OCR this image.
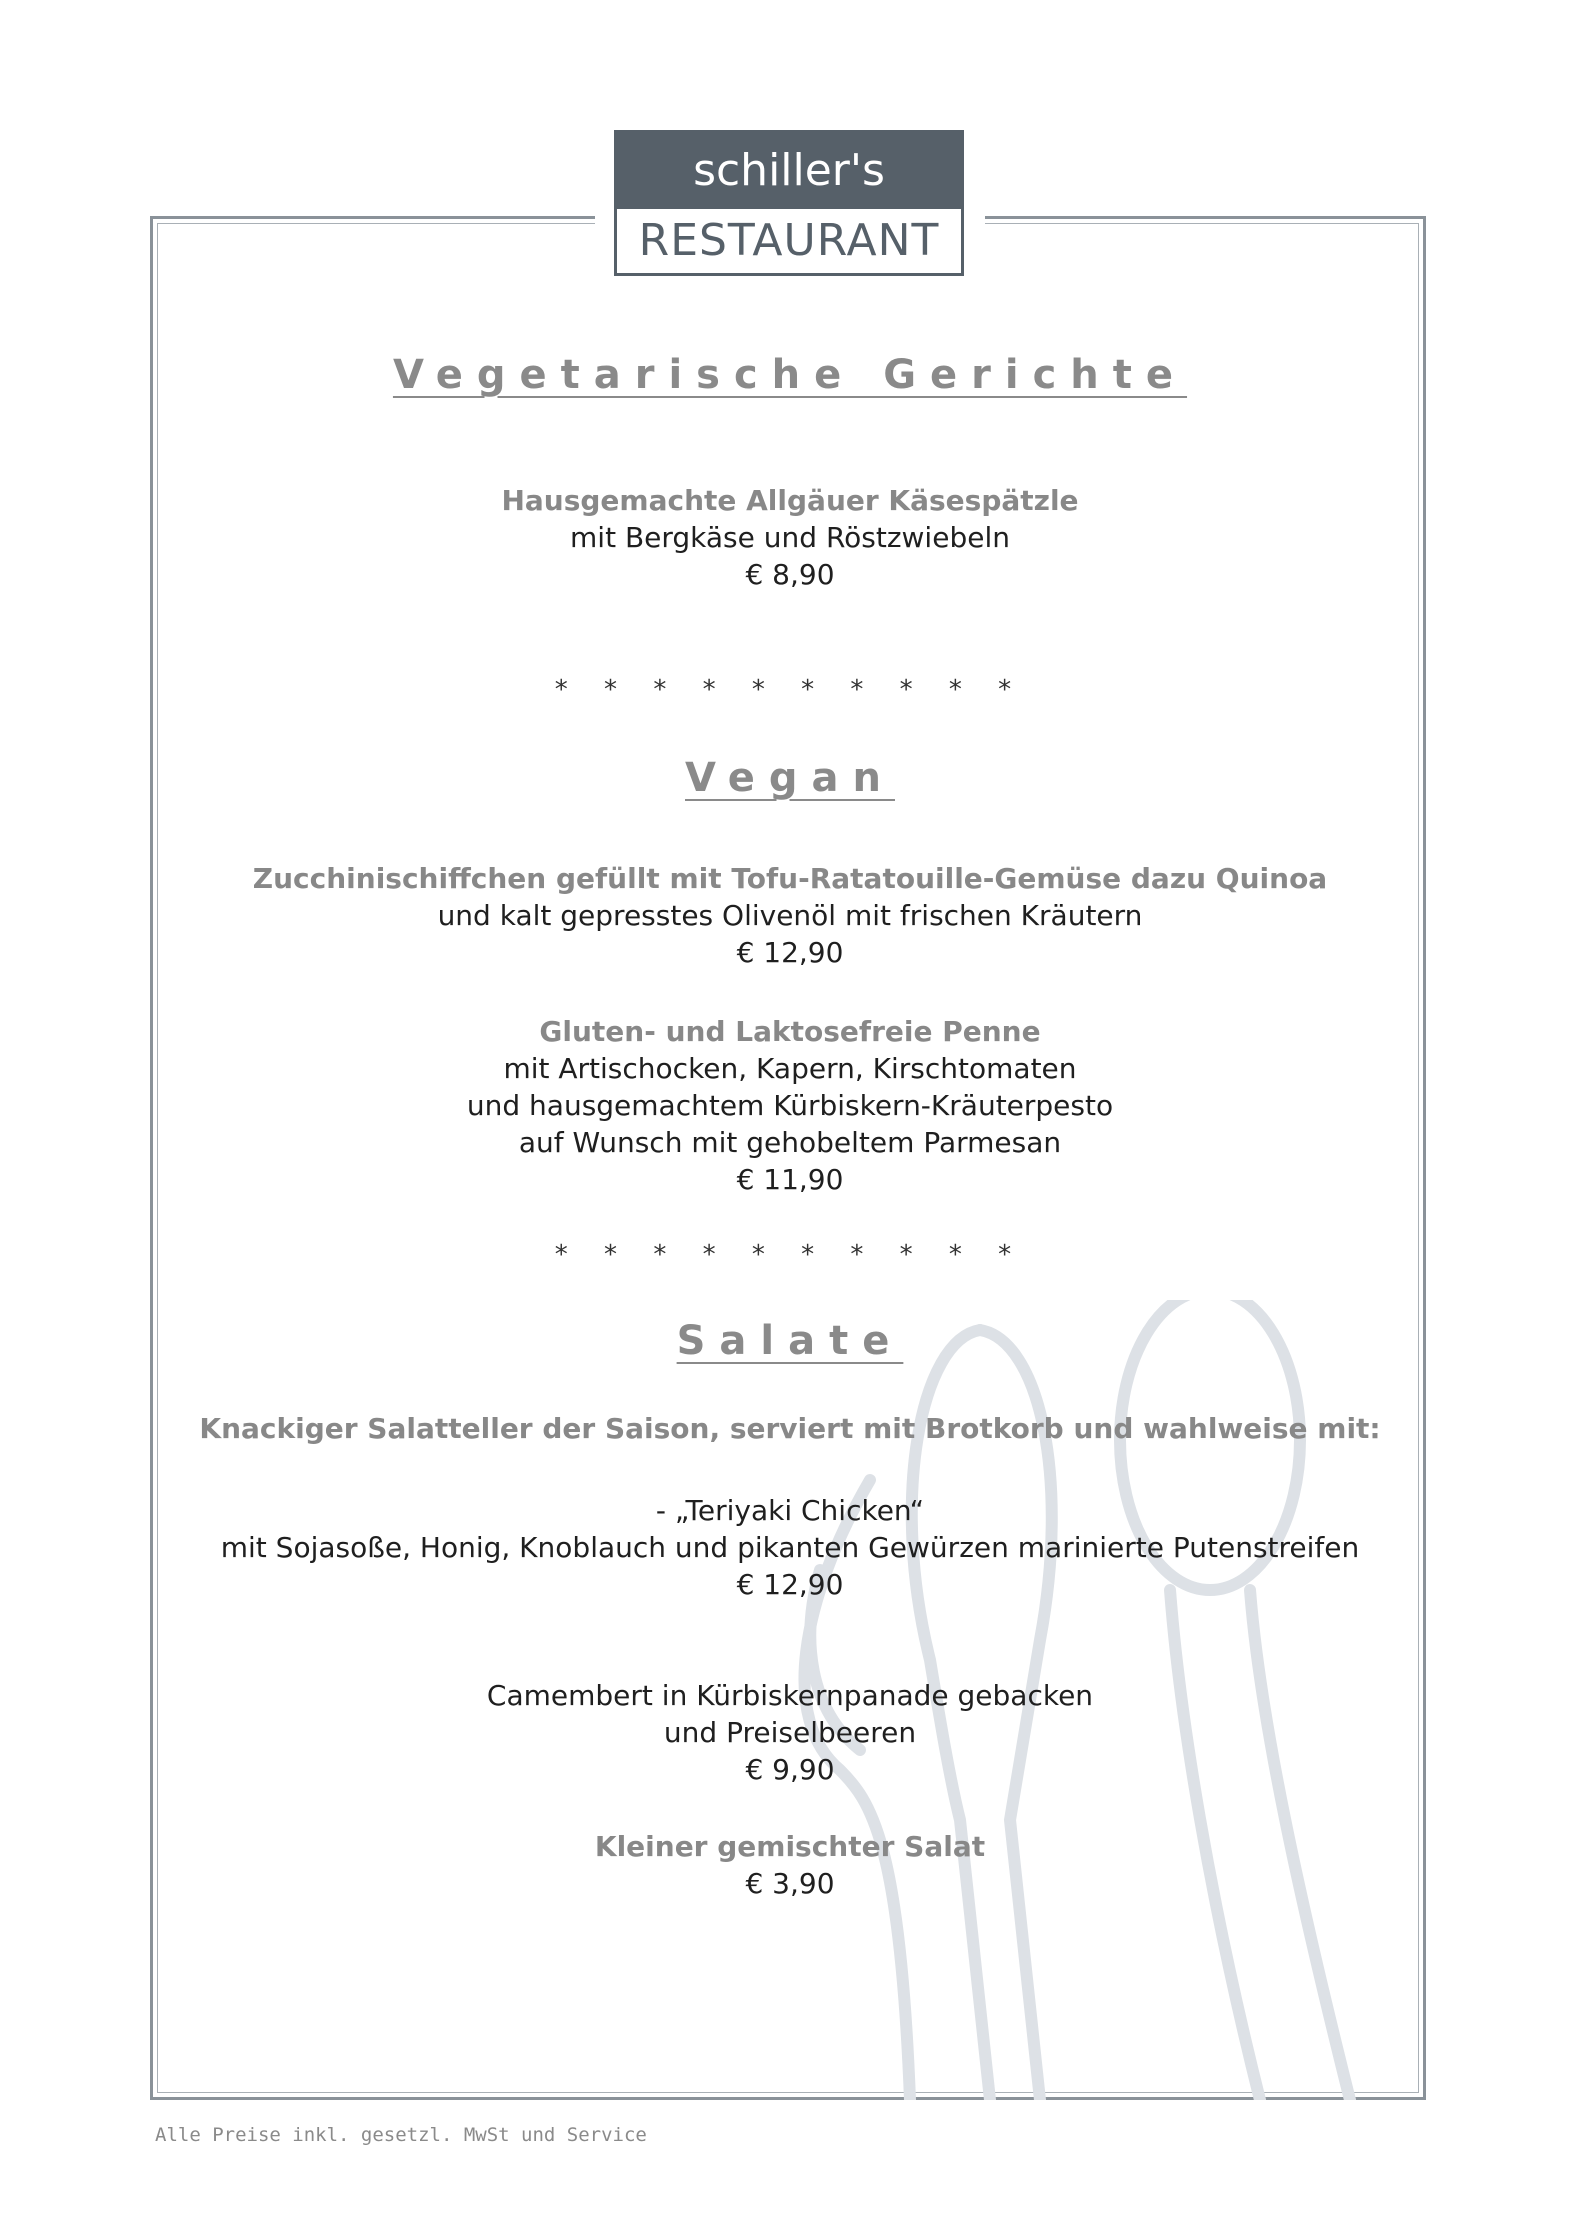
schiller's
RESTAURANT
Vegetarische Gerichte
Hausgemachte Allgäuer Käsespätzle
mit Bergkäse und Röstzwiebeln
€ 8,90
* * * * * * * * * *
Vegan
Zucchinischiffchen gefüllt mit Tofu-Ratatouille-Gemüse dazu Quinoa
und kalt gepresstes Olivenöl mit frischen Kräutern
€ 12,90
Gluten- und Laktosefreie Penne
mit Artischocken, Kapern, Kirschtomaten
und hausgemachtem Kürbiskern-Kräuterpesto
auf Wunsch mit gehobeltem Parmesan
€ 11,90
* * * * * * * * * *
Salate
Knackiger Salatteller der Saison, serviert mit Brotkorb und wahlweise mit:
- „Teriyaki Chicken“
mit Sojasoße, Honig, Knoblauch und pikanten Gewürzen marinierte Putenstreifen
€ 12,90
Camembert in Kürbiskernpanade gebacken
und Preiselbeeren
€ 9,90
Kleiner gemischter Salat
€ 3,90
Alle Preise inkl. gesetzl. MwSt und Service
